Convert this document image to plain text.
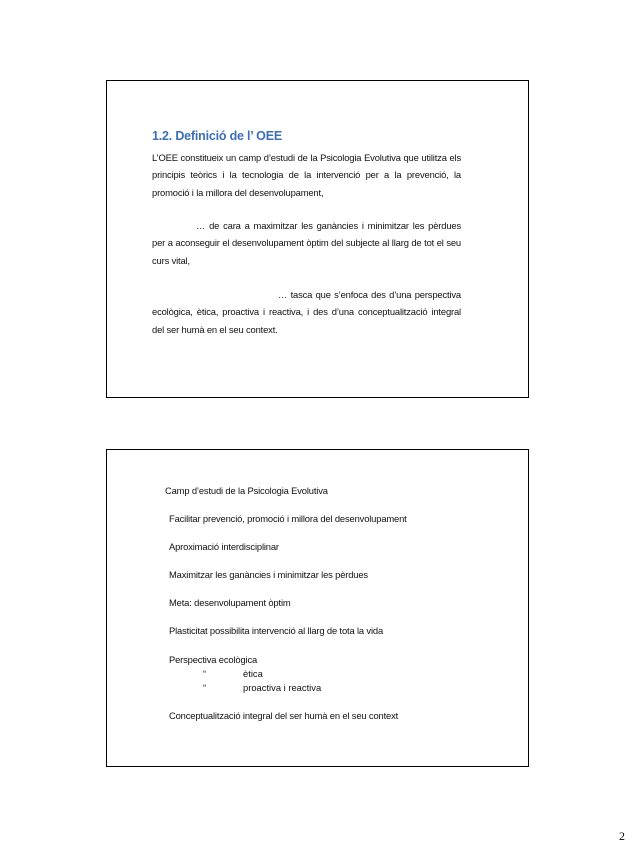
1.2. Definició de l’ OEE
L’OEE constitueix un camp d’estudi de la Psicologia Evolutiva que utilitza els principis teòrics i la tecnologia de la intervenció per a la prevenció, la promoció i la millora del desenvolupament,
… de cara a maximitzar les ganàncies i minimitzar les pèrdues per a aconseguir el desenvolupament òptim del subjecte al llarg de tot el seu curs vital,
… tasca que s’enfoca des d’una perspectiva ecològica, ètica, proactiva i reactiva, i des d’una conceptualització integral del ser humà en el seu context.
Camp d’estudi de la Psicologia Evolutiva
Facilitar prevenció, promoció i millora del desenvolupament
Aproximació interdisciplinar
Maximitzar les ganàncies i minimitzar les pèrdues
Meta: desenvolupament òptim
Plasticitat possibilita intervenció al llarg de tota la vida
Perspectiva ecològica
“	ètica
“	proactiva i reactiva
Conceptualització integral del ser humà en el seu context
2
